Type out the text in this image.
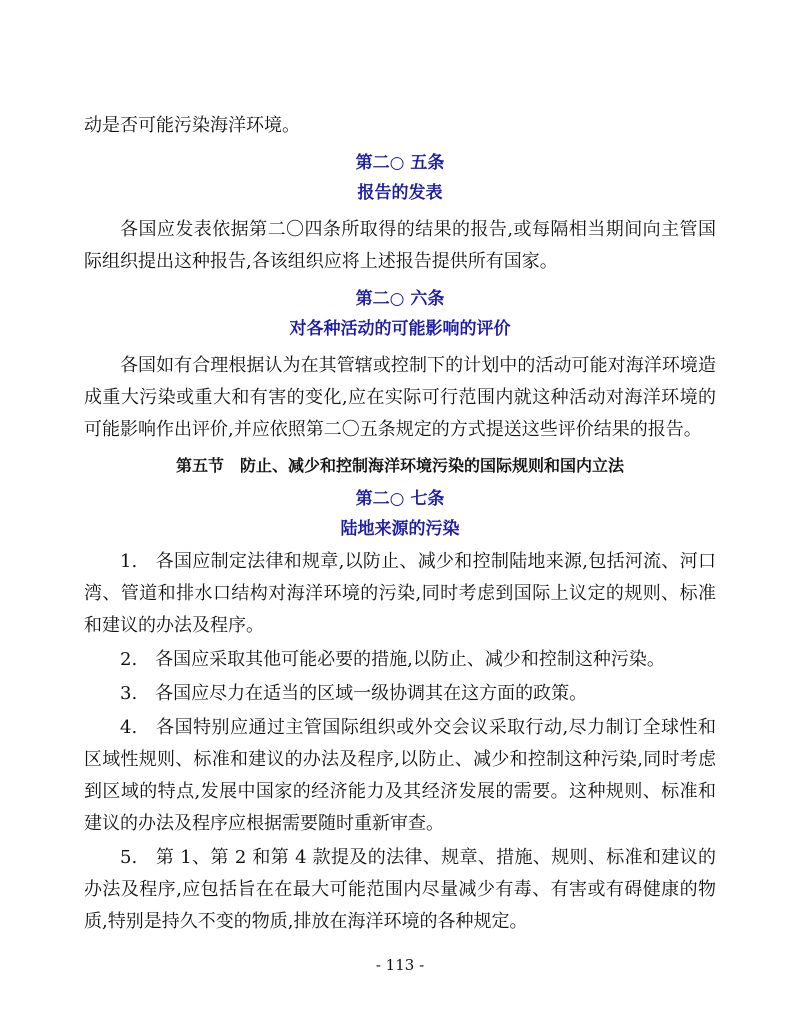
动是否可能污染海洋环境。

第二○ 五条

报告的发表

各国应发表依据第二〇四条所取得的结果的报告,或每隔相当期间向主管国际组织提出这种报告,各该组织应将上述报告提供所有国家。

第二○ 六条

对各种活动的可能影响的评价

各国如有合理根据认为在其管辖或控制下的计划中的活动可能对海洋环境造成重大污染或重大和有害的变化,应在实际可行范围内就这种活动对海洋环境的可能影响作出评价,并应依照第二〇五条规定的方式提送这些评价结果的报告。

第五节　防止、减少和控制海洋环境污染的国际规则和国内立法

第二○ 七条

陆地来源的污染

1.　各国应制定法律和规章,以防止、减少和控制陆地来源,包括河流、河口湾、管道和排水口结构对海洋环境的污染,同时考虑到国际上议定的规则、标准和建议的办法及程序。

2.　各国应采取其他可能必要的措施,以防止、减少和控制这种污染。

3.　各国应尽力在适当的区域一级协调其在这方面的政策。

4.　各国特别应通过主管国际组织或外交会议采取行动,尽力制订全球性和区域性规则、标准和建议的办法及程序,以防止、减少和控制这种污染,同时考虑到区域的特点,发展中国家的经济能力及其经济发展的需要。这种规则、标准和建议的办法及程序应根据需要随时重新审查。

5.　第 1、第 2 和第 4 款提及的法律、规章、措施、规则、标准和建议的办法及程序,应包括旨在在最大可能范围内尽量减少有毒、有害或有碍健康的物质,特别是持久不变的物质,排放在海洋环境的各种规定。

- 113 -
